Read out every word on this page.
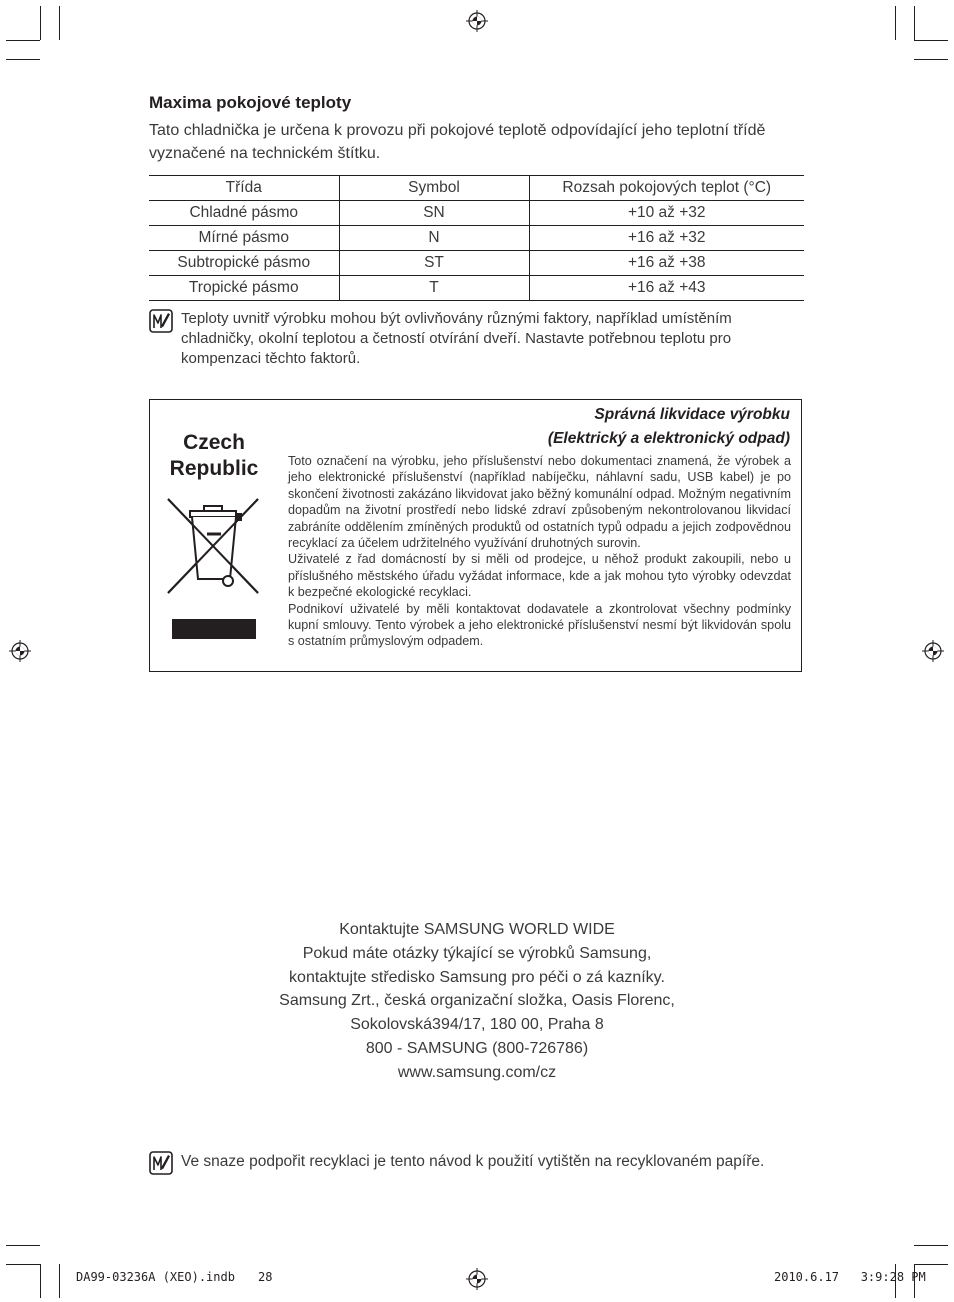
Maxima pokojové teploty
Tato chladnička je určena k provozu při pokojové teplotě odpovídající jeho teplotní třídě vyznačené na technickém štítku.
Třída	Symbol	Rozsah pokojových teplot (°C)
Chladné pásmo	SN	+10 až +32
Mírné pásmo	N	+16 až +32
Subtropické pásmo	ST	+16 až +38
Tropické pásmo	T	+16 až +43
Teploty uvnitř výrobku mohou být ovlivňovány různými faktory, například umístěním chladničky, okolní teplotou a četností otvírání dveří. Nastavte potřebnou teplotu pro kompenzaci těchto faktorů.
Czech
Republic
Správná likvidace výrobku
(Elektrický a elektronický odpad)

Toto označení na výrobku, jeho příslušenství nebo dokumentaci znamená, že výrobek a jeho elektronické příslušenství (například nabíječku, náhlavní sadu, USB kabel) je po skončení životnosti zakázáno likvidovat jako běžný komunální odpad. Možným negativním dopadům na životní prostředí nebo lidské zdraví způsobeným nekontrolovanou likvidací zabráníte oddělením zmíněných produktů od ostatních typů odpadu a jejich zodpovědnou recyklací za účelem udržitelného využívání druhotných surovin.

Uživatelé z řad domácností by si měli od prodejce, u něhož produkt zakoupili, nebo u příslušného městského úřadu vyžádat informace, kde a jak mohou tyto výrobky odevzdat k bezpečné ekologické recyklaci.

Podnikoví uživatelé by měli kontaktovat dodavatele a zkontrolovat všechny podmínky kupní smlouvy. Tento výrobek a jeho elektronické příslušenství nesmí být likvidován spolu s ostatním průmyslovým odpadem.

Kontaktujte SAMSUNG WORLD WIDE
Pokud máte otázky týkající se výrobků Samsung,
kontaktujte středisko Samsung pro péči o zá kazníky.
Samsung Zrt., česká organizační složka, Oasis Florenc,
Sokolovská394/17, 180 00, Praha 8
800 - SAMSUNG (800-726786)
www.samsung.com/cz
Ve snaze podpořit recyklaci je tento návod k použití vytištěn na recyklovaném papíře.
DA99-03236A (XEO).indb 28	2010.6.17   3:9:28 PM
